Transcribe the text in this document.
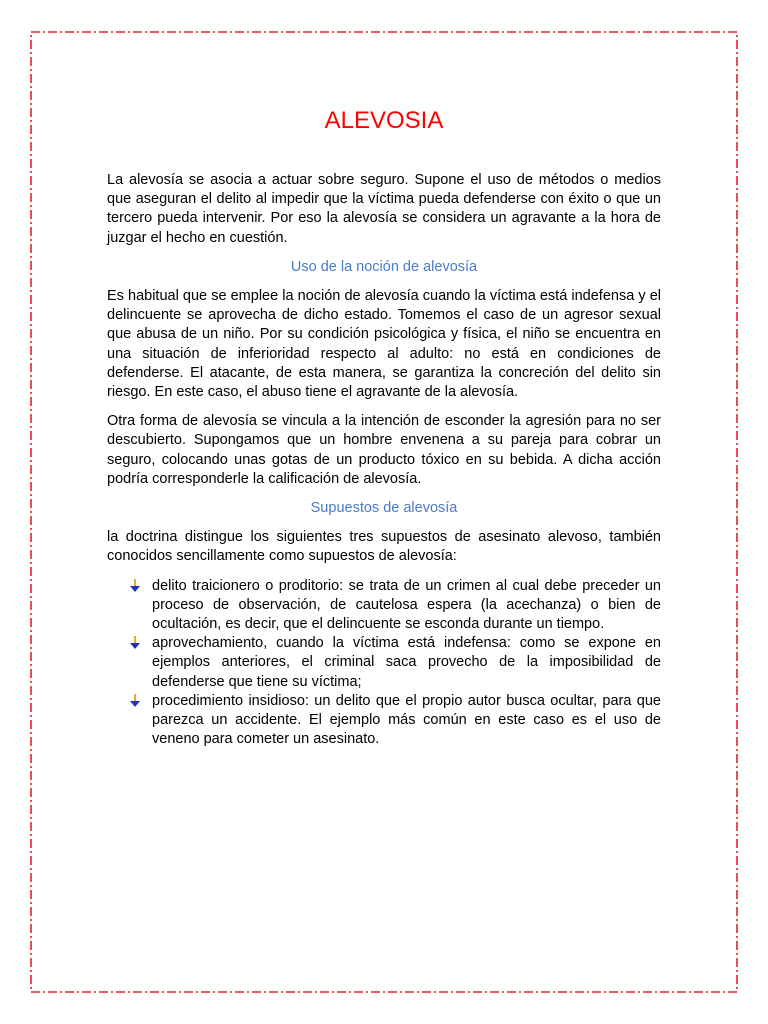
ALEVOSIA

La alevosía se asocia a actuar sobre seguro. Supone el uso de métodos o medios que aseguran el delito al impedir que la víctima pueda defenderse con éxito o que un tercero pueda intervenir. Por eso la alevosía se considera un agravante a la hora de juzgar el hecho en cuestión.

Uso de la noción de alevosía

Es habitual que se emplee la noción de alevosía cuando la víctima está indefensa y el delincuente se aprovecha de dicho estado. Tomemos el caso de un agresor sexual que abusa de un niño. Por su condición psicológica y física, el niño se encuentra en una situación de inferioridad respecto al adulto: no está en condiciones de defenderse. El atacante, de esta manera, se garantiza la concreción del delito sin riesgo. En este caso, el abuso tiene el agravante de la alevosía.

Otra forma de alevosía se vincula a la intención de esconder la agresión para no ser descubierto. Supongamos que un hombre envenena a su pareja para cobrar un seguro, colocando unas gotas de un producto tóxico en su bebida. A dicha acción podría corresponderle la calificación de alevosía.

Supuestos de alevosía

la doctrina distingue los siguientes tres supuestos de asesinato alevoso, también conocidos sencillamente como supuestos de alevosía:

delito traicionero o proditorio: se trata de un crimen al cual debe preceder un proceso de observación, de cautelosa espera (la acechanza) o bien de ocultación, es decir, que el delincuente se esconda durante un tiempo.
aprovechamiento, cuando la víctima está indefensa: como se expone en ejemplos anteriores, el criminal saca provecho de la imposibilidad de defenderse que tiene su víctima;
procedimiento insidioso: un delito que el propio autor busca ocultar, para que parezca un accidente. El ejemplo más común en este caso es el uso de veneno para cometer un asesinato.
